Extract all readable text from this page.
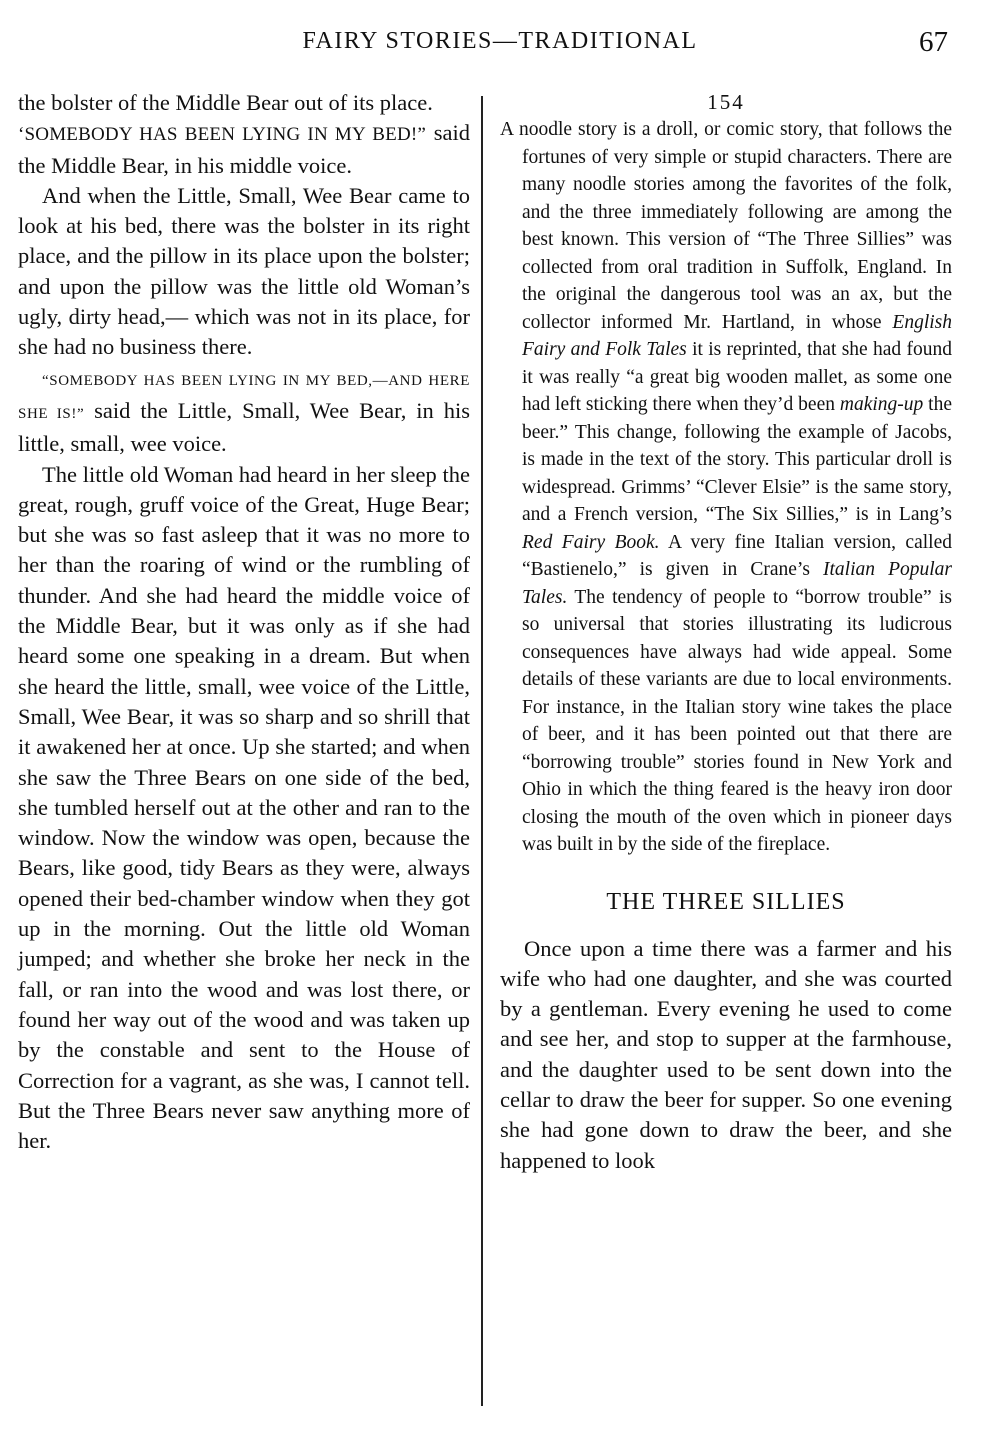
FAIRY STORIES—TRADITIONAL	67

the bolster of the Middle Bear out of its place.

‘SOMEBODY HAS BEEN LYING IN MY BED!” said the Middle Bear, in his middle voice.

And when the Little, Small, Wee Bear came to look at his bed, there was the bolster in its right place, and the pillow in its place upon the bolster; and upon the pillow was the little old Woman’s ugly, dirty head,— which was not in its place, for she had no business there.

“SOMEBODY HAS BEEN LYING IN MY BED,—AND HERE SHE IS!” said the Little, Small, Wee Bear, in his little, small, wee voice.

The little old Woman had heard in her sleep the great, rough, gruff voice of the Great, Huge Bear; but she was so fast asleep that it was no more to her than the roaring of wind or the rumbling of thunder. And she had heard the middle voice of the Middle Bear, but it was only as if she had heard some one speaking in a dream. But when she heard the little, small, wee voice of the Little, Small, Wee Bear, it was so sharp and so shrill that it awakened her at once. Up she started; and when she saw the Three Bears on one side of the bed, she tumbled herself out at the other and ran to the window. Now the window was open, because the Bears, like good, tidy Bears as they were, always opened their bed-chamber window when they got up in the morning. Out the little old Woman jumped; and whether she broke her neck in the fall, or ran into the wood and was lost there, or found her way out of the wood and was taken up by the constable and sent to the House of Correction for a vagrant, as she was, I cannot tell. But the Three Bears never saw anything more of her.

154

A noodle story is a droll, or comic story, that follows the fortunes of very simple or stupid characters. There are many noodle stories among the favorites of the folk, and the three immediately following are among the best known. This version of “The Three Sillies” was collected from oral tradition in Suffolk, England. In the original the dangerous tool was an ax, but the collector informed Mr. Hartland, in whose English Fairy and Folk Tales it is reprinted, that she had found it was really “a great big wooden mallet, as some one had left sticking there when they’d been making-up the beer.” This change, following the example of Jacobs, is made in the text of the story. This particular droll is widespread. Grimms’ “Clever Elsie” is the same story, and a French version, “The Six Sillies,” is in Lang’s Red Fairy Book. A very fine Italian version, called “Bastienelo,” is given in Crane’s Italian Popular Tales. The tendency of people to “borrow trouble” is so universal that stories illustrating its ludicrous consequences have always had wide appeal. Some details of these variants are due to local environments. For instance, in the Italian story wine takes the place of beer, and it has been pointed out that there are “borrowing trouble” stories found in New York and Ohio in which the thing feared is the heavy iron door closing the mouth of the oven which in pioneer days was built in by the side of the fireplace.

THE THREE SILLIES

Once upon a time there was a farmer and his wife who had one daughter, and she was courted by a gentleman. Every evening he used to come and see her, and stop to supper at the farmhouse, and the daughter used to be sent down into the cellar to draw the beer for supper. So one evening she had gone down to draw the beer, and she happened to look
